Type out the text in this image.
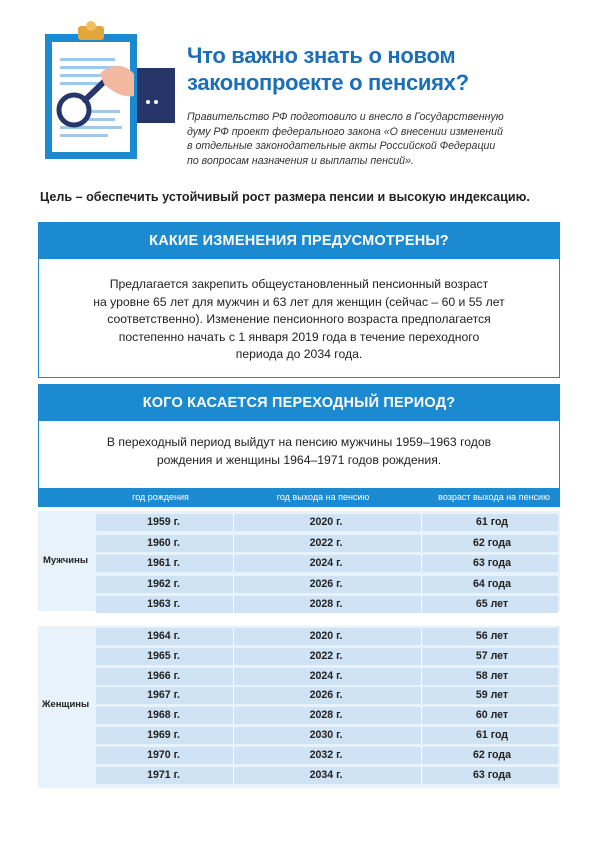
Что важно знать о новом
законопроекте о пенсиях?
Правительство РФ подготовило и внесло в Государственную
думу РФ проект федерального закона «О внесении изменений
в отдельные законодательные акты Российской Федерации
по вопросам назначения и выплаты пенсий».
Цель – обеспечить устойчивый рост размера пенсии и высокую индексацию.
КАКИЕ ИЗМЕНЕНИЯ ПРЕДУСМОТРЕНЫ?
Предлагается закрепить общеустановленный пенсионный возраст
на уровне 65 лет для мужчин и 63 лет для женщин (сейчас – 60 и 55 лет
соответственно). Изменение пенсионного возраста предполагается
постепенно начать с 1 января 2019 года в течение переходного
периода до 2034 года.
КОГО КАСАЕТСЯ ПЕРЕХОДНЫЙ ПЕРИОД?
В переходный период выйдут на пенсию мужчины 1959–1963 годов
рождения и женщины 1964–1971 годов рождения.
год рождения	год выхода на пенсию	возраст выхода на пенсию
Мужчины
1959 г.	2020 г.	61 год
1960 г.	2022 г.	62 года
1961 г.	2024 г.	63 года
1962 г.	2026 г.	64 года
1963 г.	2028 г.	65 лет
Женщины
1964 г.	2020 г.	56 лет
1965 г.	2022 г.	57 лет
1966 г.	2024 г.	58 лет
1967 г.	2026 г.	59 лет
1968 г.	2028 г.	60 лет
1969 г.	2030 г.	61 год
1970 г.	2032 г.	62 года
1971 г.	2034 г.	63 года
